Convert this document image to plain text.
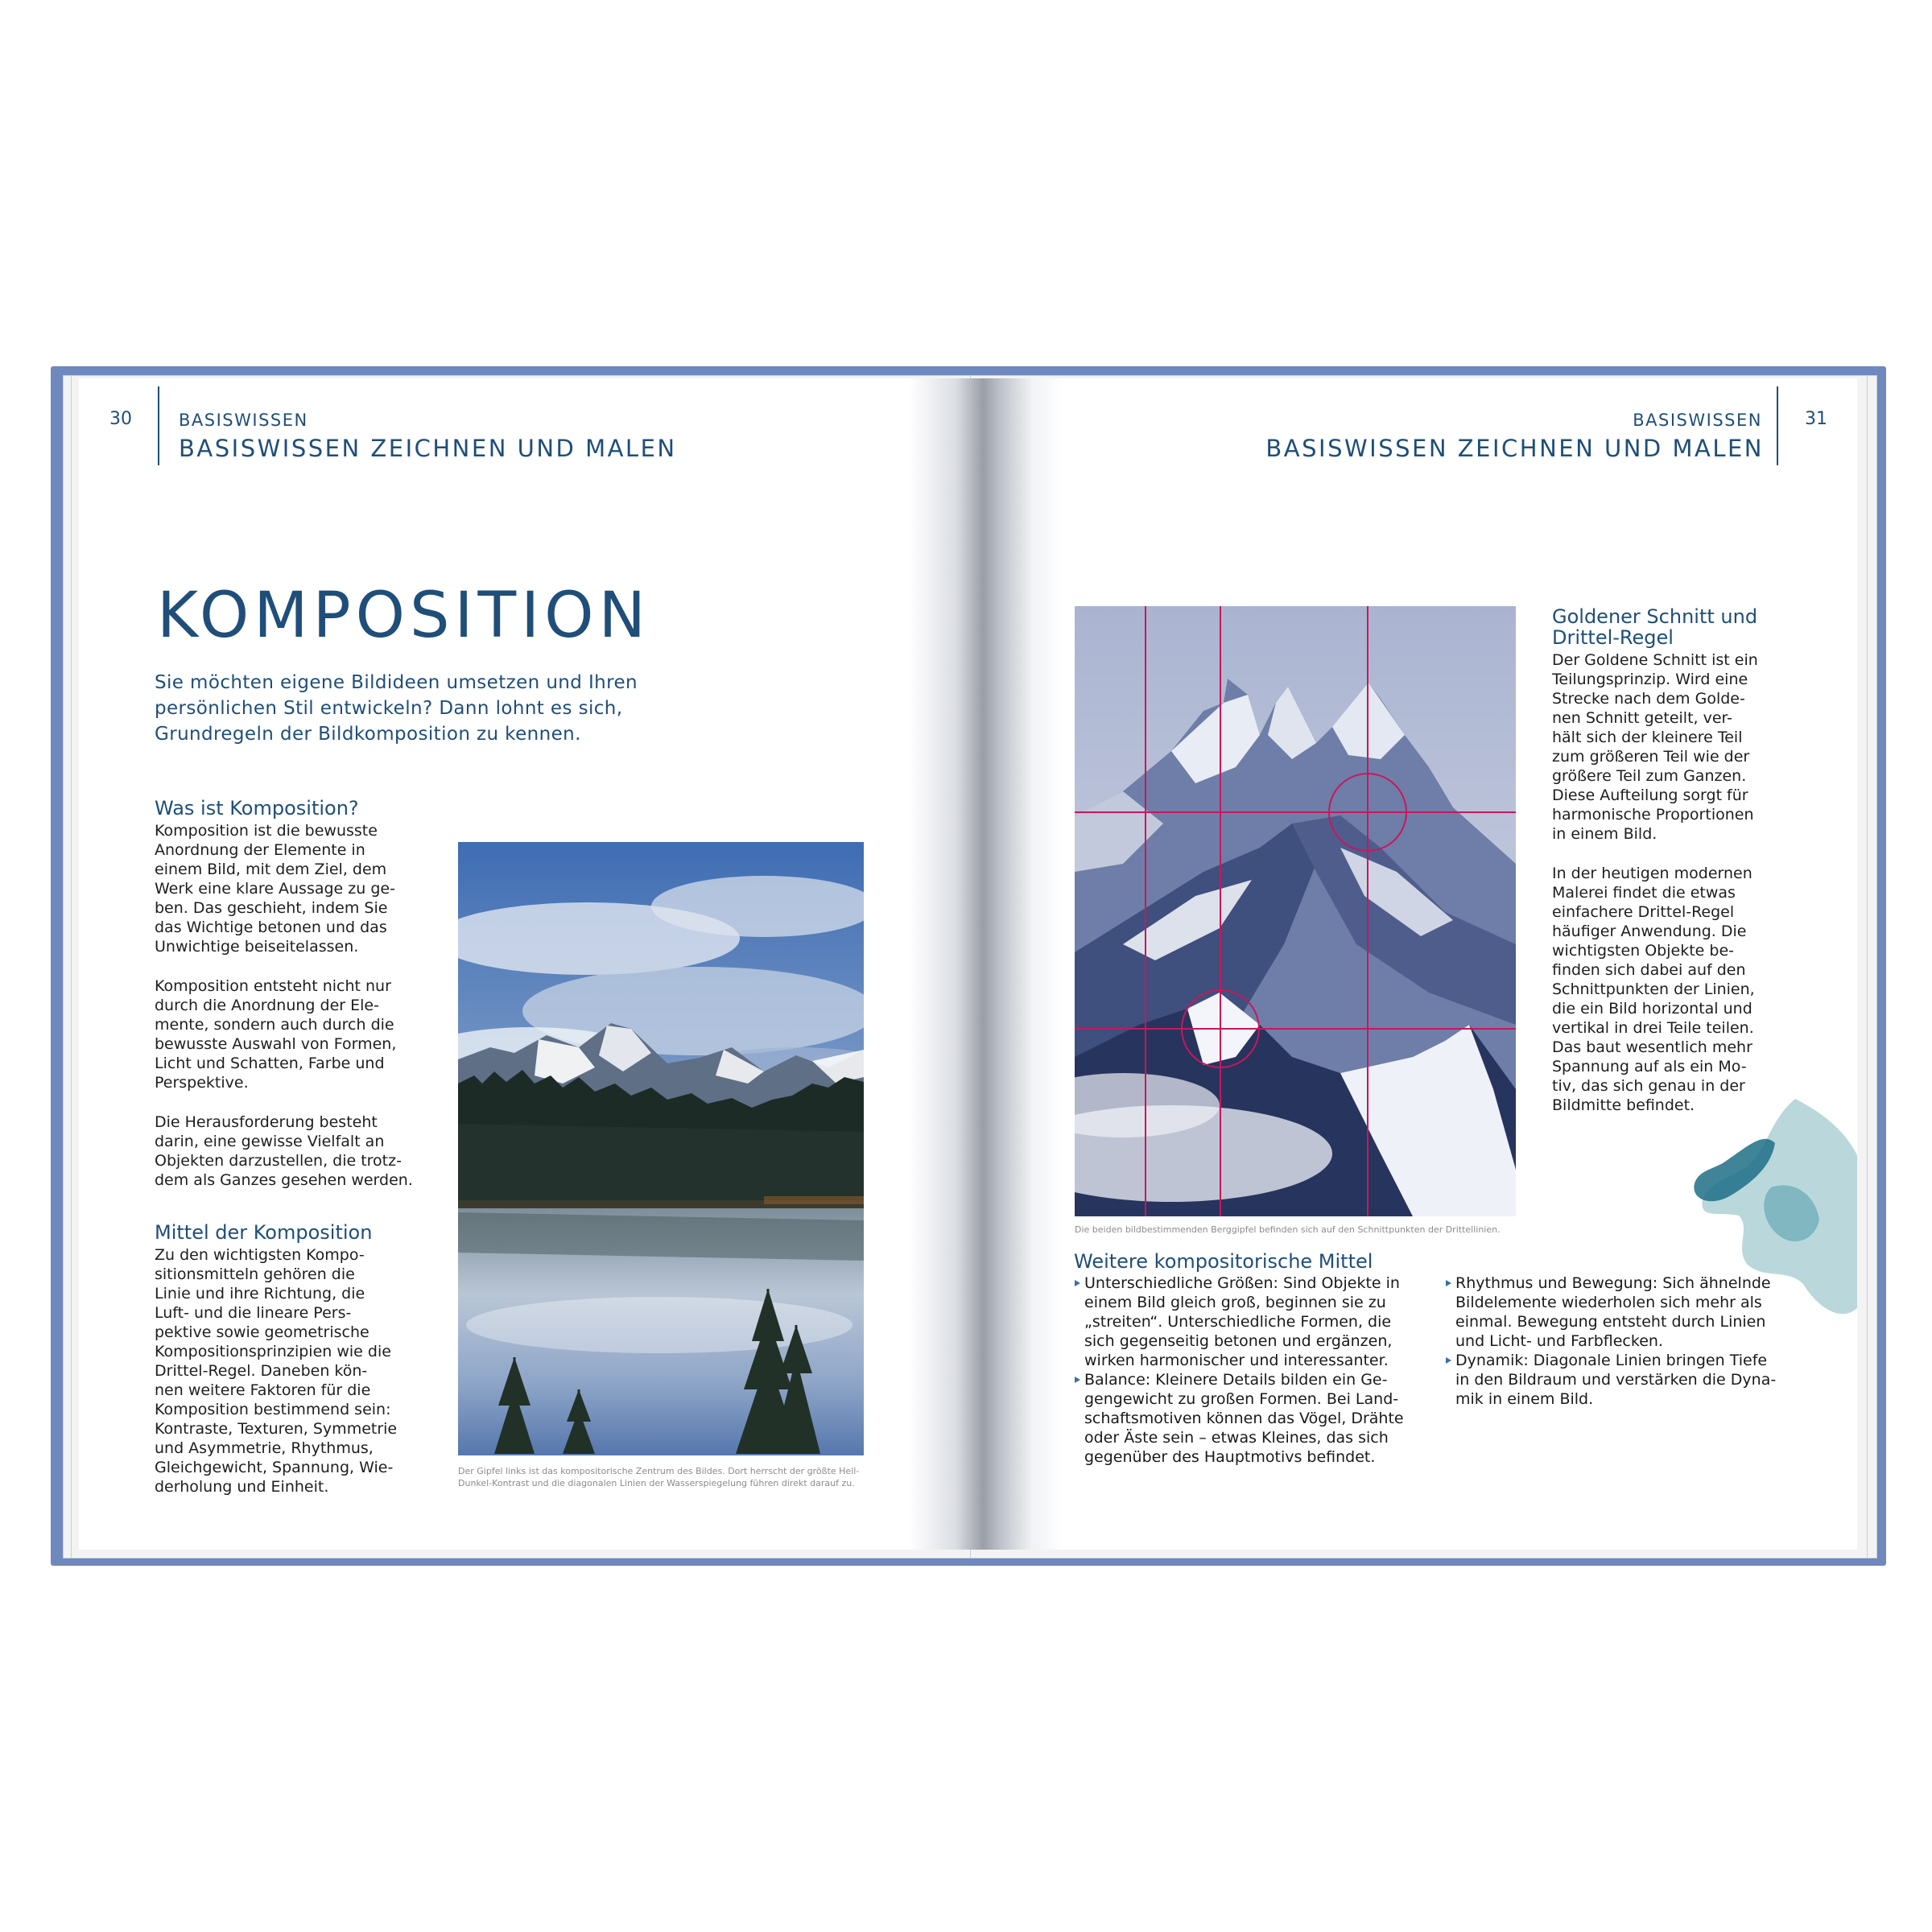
30	BASISWISSEN
BASISWISSEN ZEICHNEN UND MALEN
KOMPOSITION
Sie möchten eigene Bildideen umsetzen und Ihren persönlichen Stil entwickeln? Dann lohnt es sich, Grundregeln der Bildkomposition zu kennen.
Was ist Komposition?
Komposition ist die bewusste
Anordnung der Elemente in
einem Bild, mit dem Ziel, dem
Werk eine klare Aussage zu ge-
ben. Das geschieht, indem Sie
das Wichtige betonen und das
Unwichtige beiseitelassen.
Komposition entsteht nicht nur
durch die Anordnung der Ele-
mente, sondern auch durch die
bewusste Auswahl von Formen,
Licht und Schatten, Farbe und
Perspektive.
Die Herausforderung besteht
darin, eine gewisse Vielfalt an
Objekten darzustellen, die trotz-
dem als Ganzes gesehen werden.
Mittel der Komposition
Zu den wichtigsten Kompo-
sitionsmitteln gehören die
Linie und ihre Richtung, die
Luft- und die lineare Pers-
pektive sowie geometrische
Kompositionsprinzipien wie die
Drittel-Regel. Daneben kön-
nen weitere Faktoren für die
Komposition bestimmend sein:
Kontraste, Texturen, Symmetrie
und Asymmetrie, Rhythmus,
Gleichgewicht, Spannung, Wie-
derholung und Einheit.
Der Gipfel links ist das kompositorische Zentrum des Bildes. Dort herrscht der größte Hell-Dunkel-Kontrast und die diagonalen Linien der Wasserspiegelung führen direkt darauf zu.
31
BASISWISSEN
BASISWISSEN ZEICHNEN UND MALEN
Die beiden bildbestimmenden Berggipfel befinden sich auf den Schnittpunkten der Drittellinien.
Goldener Schnitt und Drittel-Regel
Der Goldene Schnitt ist ein
Teilungsprinzip. Wird eine
Strecke nach dem Golde-
nen Schnitt geteilt, ver-
hält sich der kleinere Teil
zum größeren Teil wie der
größere Teil zum Ganzen.
Diese Aufteilung sorgt für
harmonische Proportionen
in einem Bild.
In der heutigen modernen
Malerei findet die etwas
einfachere Drittel-Regel
häufiger Anwendung. Die
wichtigsten Objekte be-
finden sich dabei auf den
Schnittpunkten der Linien,
die ein Bild horizontal und
vertikal in drei Teile teilen.
Das baut wesentlich mehr
Spannung auf als ein Mo-
tiv, das sich genau in der
Bildmitte befindet.
Weitere kompositorische Mittel
Unterschiedliche Größen: Sind Objekte in
einem Bild gleich groß, beginnen sie zu
„streiten“. Unterschiedliche Formen, die
sich gegenseitig betonen und ergänzen,
wirken harmonischer und interessanter.
Balance: Kleinere Details bilden ein Ge-
gengewicht zu großen Formen. Bei Land-
schaftsmotiven können das Vögel, Drähte
oder Äste sein – etwas Kleines, das sich
gegenüber des Hauptmotivs befindet.
Rhythmus und Bewegung: Sich ähnelnde
Bildelemente wiederholen sich mehr als
einmal. Bewegung entsteht durch Linien
und Licht- und Farbflecken.
Dynamik: Diagonale Linien bringen Tiefe
in den Bildraum und verstärken die Dyna-
mik in einem Bild.
